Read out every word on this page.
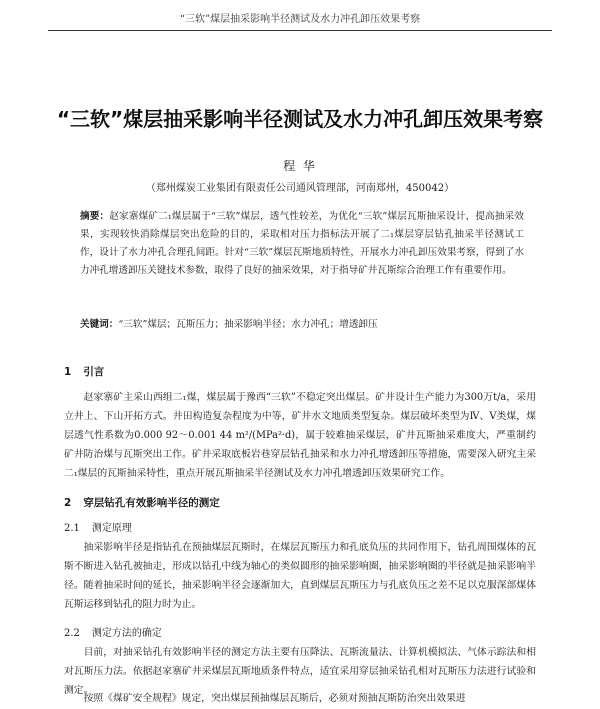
“三软”煤层抽采影响半径测试及水力冲孔卸压效果考察
“三软”煤层抽采影响半径测试及水力冲孔卸压效果考察
程 华
（郑州煤炭工业集团有限责任公司通风管理部，河南郑州，450042）
摘要：赵家寨煤矿二₁煤层属于“三软”煤层，透气性较差，为优化“三软”煤层瓦斯抽采设计，提高抽采效果，实现较快消除煤层突出危险的目的，采取相对压力指标法开展了二₁煤层穿层钻孔抽采半径测试工作，设计了水力冲孔合理孔间距。针对“三软”煤层瓦斯地质特性，开展水力冲孔卸压效果考察，得到了水力冲孔增透卸压关键技术参数，取得了良好的抽采效果，对于指导矿井瓦斯综合治理工作有重要作用。
关键词：“三软”煤层；瓦斯压力；抽采影响半径；水力冲孔；增透卸压
1 引言
赵家寨矿主采山西组二₁煤，煤层属于豫西“三软”不稳定突出煤层。矿井设计生产能力为300万t/a，采用立井上、下山开拓方式。井田构造复杂程度为中等，矿井水文地质类型复杂。煤层破坏类型为Ⅳ、Ⅴ类煤，煤层透气性系数为0.000 92～0.001 44 m²/(MPa²·d)，属于较难抽采煤层，矿井瓦斯抽采难度大，严重制约矿井防治煤与瓦斯突出工作。矿井采取底板岩巷穿层钻孔抽采和水力冲孔增透卸压等措施，需要深入研究主采二₁煤层的瓦斯抽采特性，重点开展瓦斯抽采半径测试及水力冲孔增透卸压效果研究工作。
2 穿层钻孔有效影响半径的测定
2.1 测定原理
抽采影响半径是指钻孔在预抽煤层瓦斯时，在煤层瓦斯压力和孔底负压的共同作用下，钻孔周围煤体的瓦斯不断进入钻孔被抽走，形成以钻孔中线为轴心的类似圆形的抽采影响圈，抽采影响圈的半径就是抽采影响半径。随着抽采时间的延长，抽采影响半径会逐渐加大，直到煤层瓦斯压力与孔底负压之差不足以克服深部煤体瓦斯运移到钻孔的阻力时为止。
2.2 测定方法的确定
目前，对抽采钻孔有效影响半径的测定方法主要有压降法、瓦斯流量法、计算机模拟法、气体示踪法和相对瓦斯压力法。依据赵家寨矿井采煤层瓦斯地质条件特点，适宜采用穿层抽采钻孔相对瓦斯压力法进行试验和测定。
按照《煤矿安全规程》规定，突出煤层预抽煤层瓦斯后，必须对预抽瓦斯防治突出效果进
